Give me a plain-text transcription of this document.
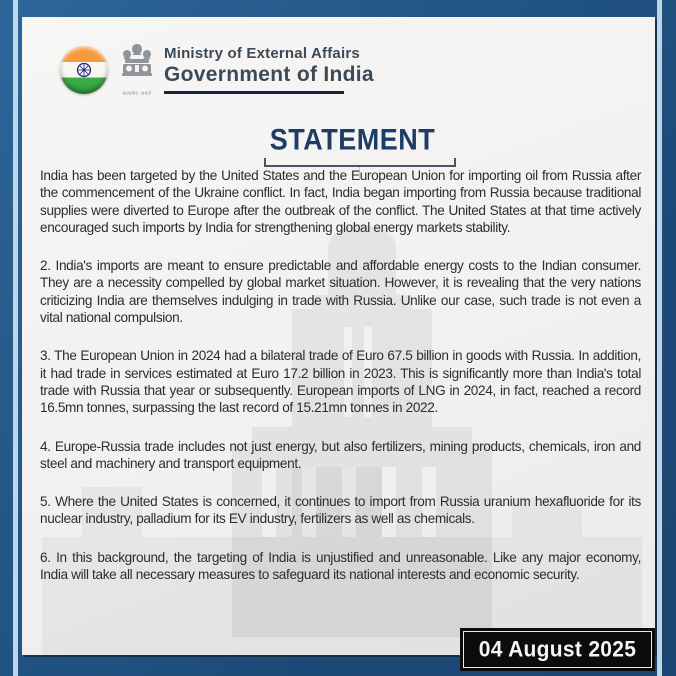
सत्यमेव जयते
Ministry of External Affairs
Government of India
STATEMENT

India has been targeted by the United States and the European Union for importing oil from Russia after the commencement of the Ukraine conflict. In fact, India began importing from Russia because traditional supplies were diverted to Europe after the outbreak of the conflict. The United States at that time actively encouraged such imports by India for strengthening global energy markets stability.

2. India's imports are meant to ensure predictable and affordable energy costs to the Indian consumer. They are a necessity compelled by global market situation. However, it is revealing that the very nations criticizing India are themselves indulging in trade with Russia. Unlike our case, such trade is not even a vital national compulsion.

3. The European Union in 2024 had a bilateral trade of Euro 67.5 billion in goods with Russia. In addition, it had trade in services estimated at Euro 17.2 billion in 2023. This is significantly more than India's total trade with Russia that year or subsequently. European imports of LNG in 2024, in fact, reached a record 16.5mn tonnes, surpassing the last record of 15.21mn tonnes in 2022.

4. Europe-Russia trade includes not just energy, but also fertilizers, mining products, chemicals, iron and steel and machinery and transport equipment.

5. Where the United States is concerned, it continues to import from Russia uranium hexafluoride for its nuclear industry, palladium for its EV industry, fertilizers as well as chemicals.

6. In this background, the targeting of India is unjustified and unreasonable. Like any major economy, India will take all necessary measures to safeguard its national interests and economic security.

04 August 2025
